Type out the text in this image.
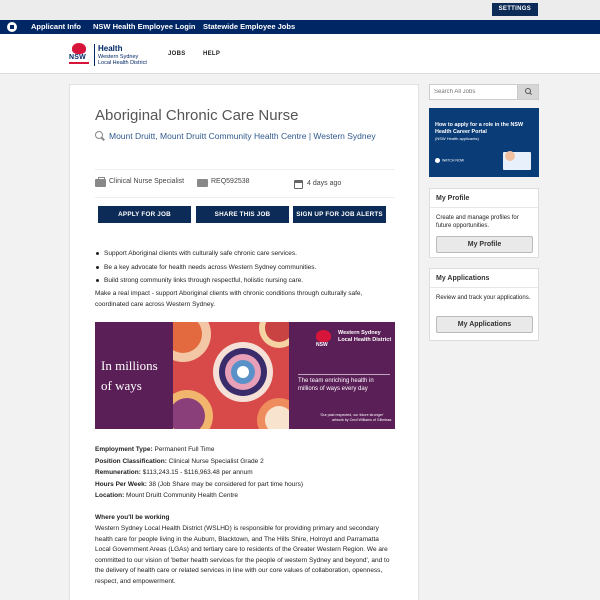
SETTINGS
Applicant Info NSW Health Employee Login Statewide Employee Jobs
NSW
Health
Western Sydney
Local Health District
JOBS	HELP
Aboriginal Chronic Care Nurse
Mount Druitt, Mount Druitt Community Health Centre | Western Sydney
Clinical Nurse Specialist	REQ592538	4 days ago
APPLY FOR JOB	SHARE THIS JOB	SIGN UP FOR JOB ALERTS
Support Aboriginal clients with culturally safe chronic care services.
Be a key advocate for health needs across Western Sydney communities.
Build strong community links through respectful, holistic nursing care.

Make a real impact - support Aboriginal clients with chronic conditions through culturally safe, coordinated care across Western Sydney.

In millions
of ways
NSW
Western Sydney
Local Health District
The team enriching health in
millions of ways every day
'Our past respected, our future stronger'
artwork by Cecil Williams of Gilimbaa.
Employment Type: Permanent Full Time
Position Classification: Clinical Nurse Specialist Grade 2
Remuneration: $113,243.15 - $116,963.48 per annum
Hours Per Week: 38 (Job Share may be considered for part time hours)
Location: Mount Druitt Community Health Centre
Where you'll be working

Western Sydney Local Health District (WSLHD) is responsible for providing primary and secondary health care for people living in the Auburn, Blacktown, and The Hills Shire, Holroyd and Parramatta Local Government Areas (LGAs) and tertiary care to residents of the Greater Western Region. We are committed to our vision of 'better health services for the people of western Sydney and beyond', and to the delivery of health care or related services in line with our core values of collaboration, openness, respect, and empowerment.

Search All Jobs
How to apply for a role in the NSW
Health Career Portal
(NSW Health applicants)
WATCH NOW
My Profile

Create and manage profiles for future opportunities.

My Profile
My Applications

Review and track your applications.

My Applications
